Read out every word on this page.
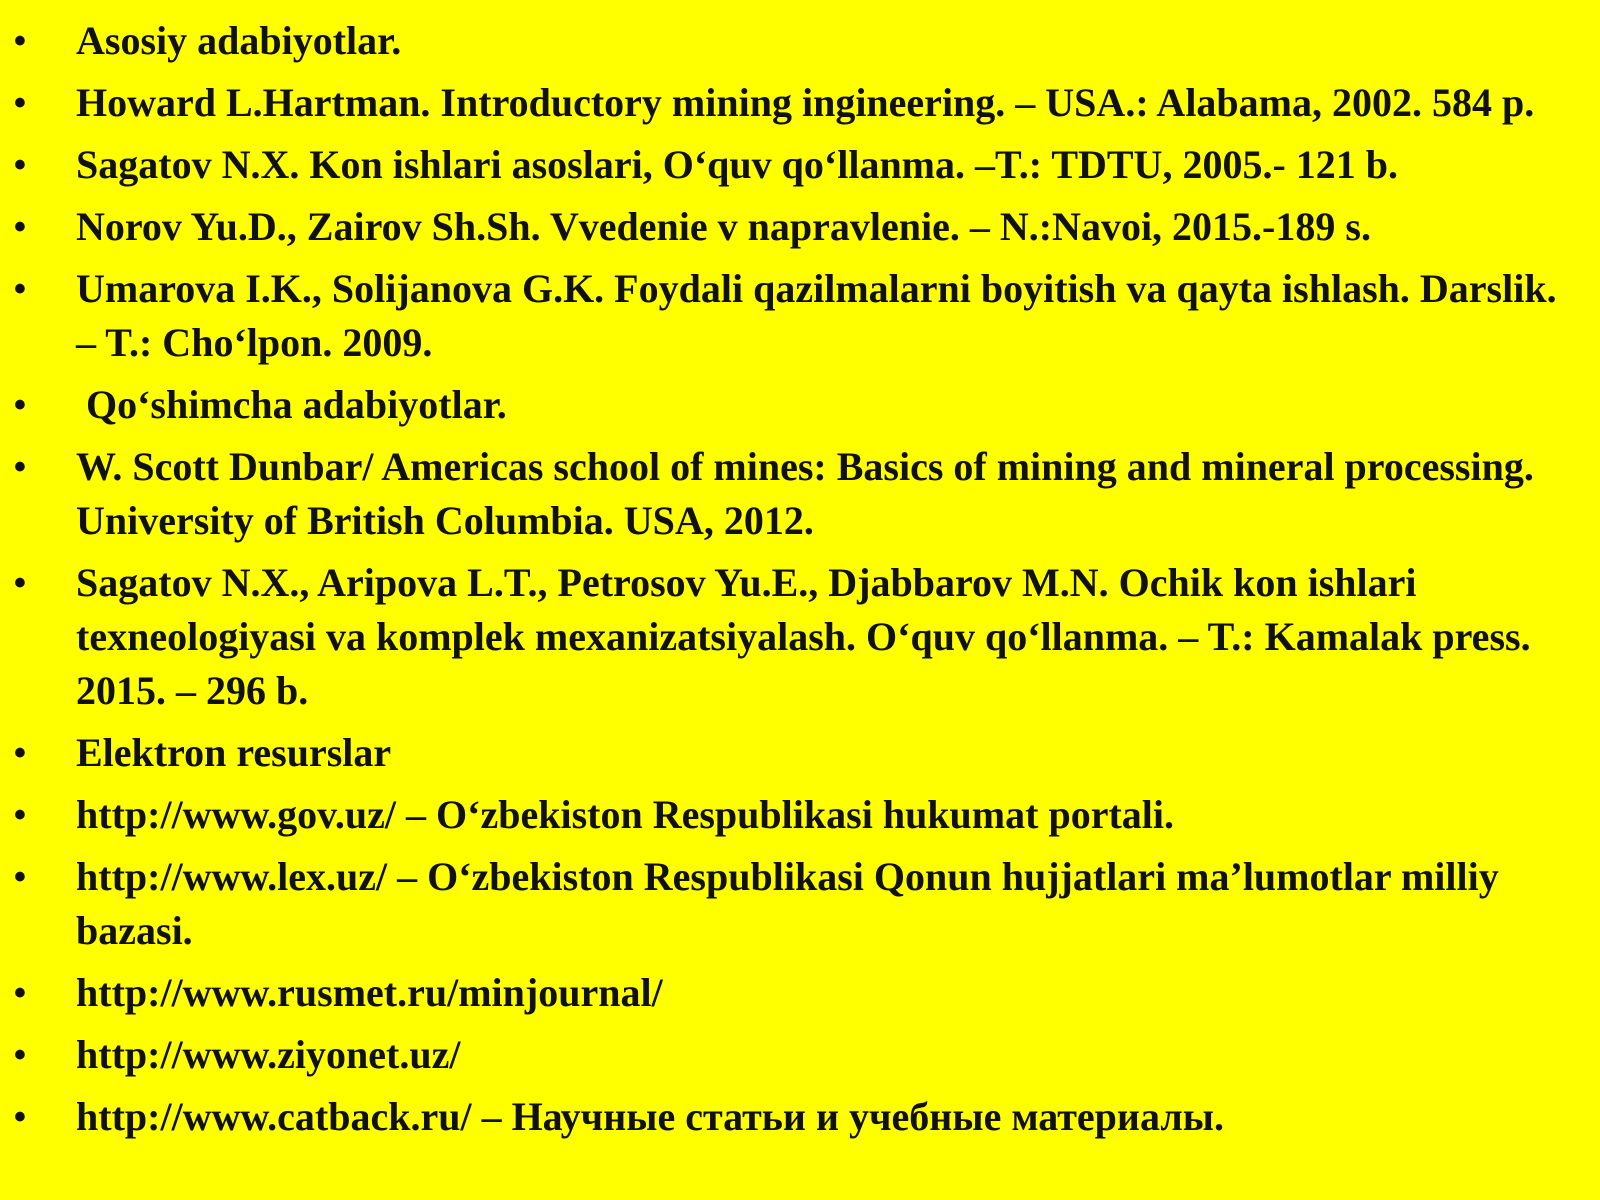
•	Asosiy adabiyotlar.
•	Howard L.Hartman. Introductory mining ingineering. – USA.: Alabama, 2002. 584 p.
•	Sagatov N.X. Kon ishlari asoslari, O‘quv qo‘llanma. –T.: TDTU, 2005.- 121 b.
•	Norov Yu.D., Zairov Sh.Sh. Vvedenie v napravlenie. – N.:Navoi, 2015.-189 s.
•	Umarova I.K., Solijanova G.K. Foydali qazilmalarni boyitish va qayta ishlash. Darslik. – T.: Cho‘lpon. 2009.
•	Qo‘shimcha adabiyotlar.
•	W. Scott Dunbar/ Americas school of mines: Basics of mining and mineral processing.  University of British Columbia. USA, 2012.
•	Sagatov N.X., Aripova L.T., Petrosov Yu.E., Djabbarov M.N. Ochik kon ishlari texneologiyasi va komplek mexanizatsiyalash. O‘quv qo‘llanma. – T.: Kamalak press. 2015. – 296 b.
•	Elektron resurslar
•	http://www.gov.uz/ – O‘zbekiston Respublikasi hukumat portali.
•	http://www.lex.uz/ – O‘zbekiston Respublikasi Qonun hujjatlari ma’lumotlar milliy bazasi.
•	http://www.rusmet.ru/minjournal/
•	http://www.ziyonet.uz/
•	http://www.catback.ru/ – Научные статьи и учебные материалы.
